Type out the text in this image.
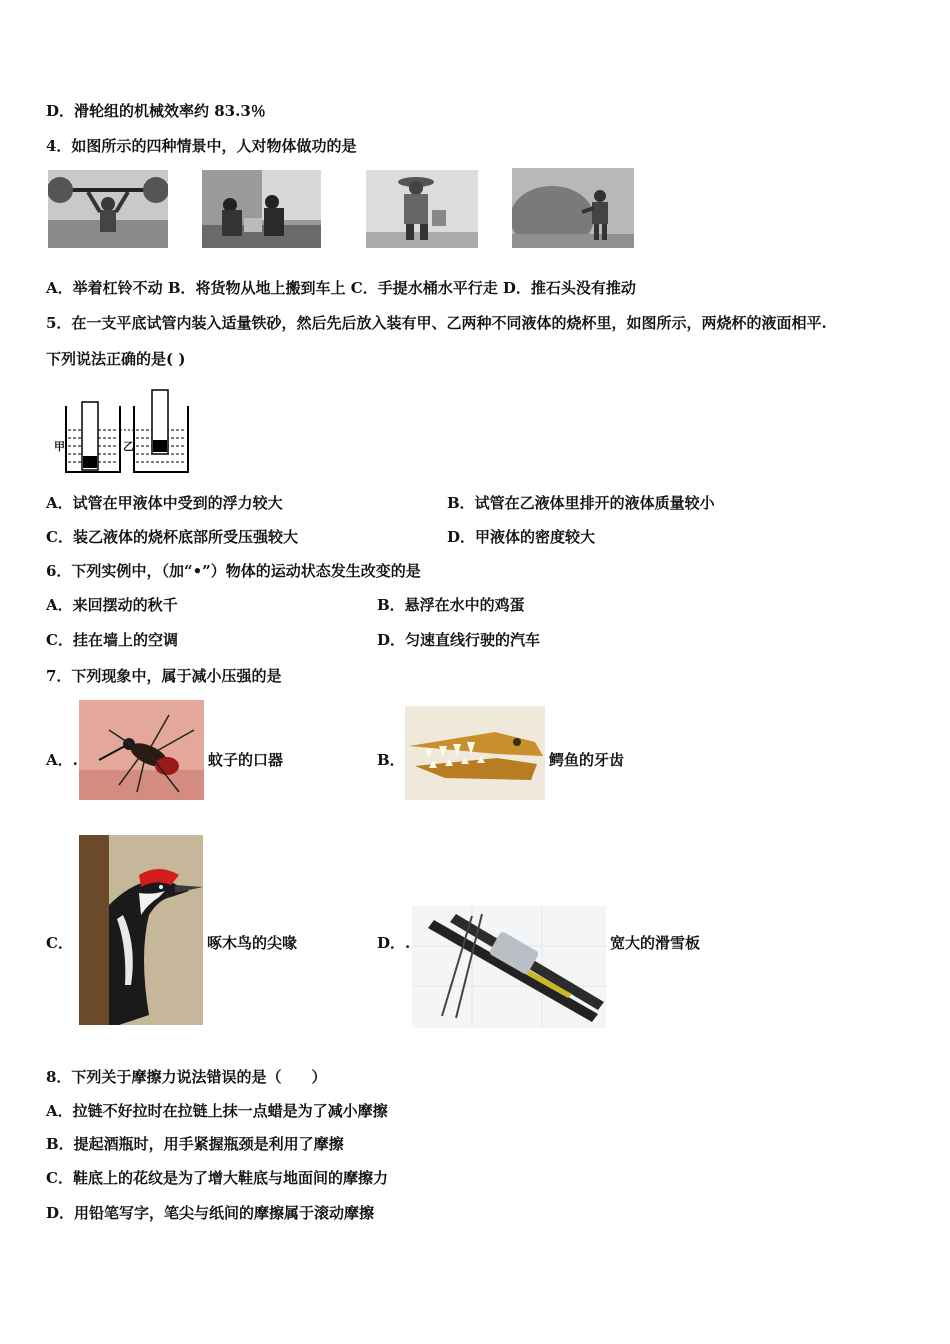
D．滑轮组的机械效率约 83.3％
4．如图所示的四种情景中，人对物体做功的是
A．举着杠铃不动 B．将货物从地上搬到车上 C．手提水桶水平行走 D．推石头没有推动
5．在一支平底试管内装入适量铁砂，然后先后放入装有甲、乙两种不同液体的烧杯里，如图所示，两烧杯的液面相平.
下列说法正确的是( )
甲	乙
A．试管在甲液体中受到的浮力较大	B．试管在乙液体里排开的液体质量较小
C．装乙液体的烧杯底部所受压强较大	D．甲液体的密度较大
6．下列实例中，（加“•”）物体的运动状态发生改变的是
A．来回摆动的秋千	B．悬浮在水中的鸡蛋
C．挂在墙上的空调	D．匀速直线行驶的汽车
7．下列现象中，属于减小压强的是
A．.	蚊子的口器	B．	鳄鱼的牙齿
C．	啄木鸟的尖喙	D．.	宽大的滑雪板
8．下列关于摩擦力说法错误的是（　　）
A．拉链不好拉时在拉链上抹一点蜡是为了减小摩擦
B．提起酒瓶时，用手紧握瓶颈是利用了摩擦
C．鞋底上的花纹是为了增大鞋底与地面间的摩擦力
D．用铅笔写字，笔尖与纸间的摩擦属于滚动摩擦
